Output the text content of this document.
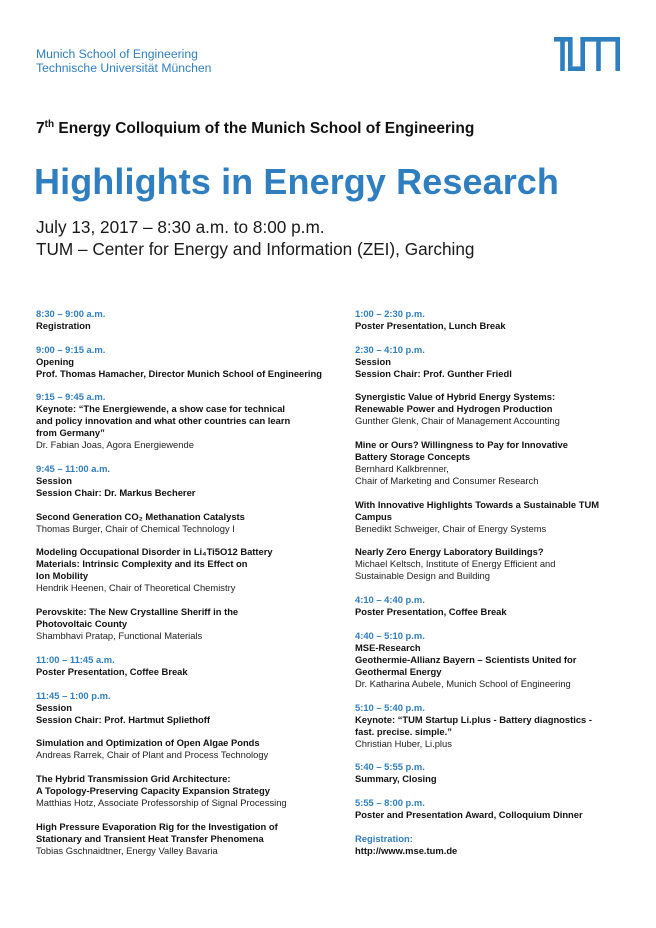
Munich School of Engineering
Technische Universität München
7th Energy Colloquium of the Munich School of Engineering
Highlights in Energy Research
July 13, 2017 – 8:30 a.m. to 8:00 p.m.
TUM – Center for Energy and Information (ZEI), Garching
8:30 – 9:00 a.m.
Registration
9:00 – 9:15 a.m.
Opening
Prof. Thomas Hamacher, Director Munich School of Engineering
9:15 – 9:45 a.m.
Keynote: “The Energiewende, a show case for technical
and policy innovation and what other countries can learn
from Germany”
Dr. Fabian Joas, Agora Energiewende
9:45 – 11:00 a.m.
Session
Session Chair: Dr. Markus Becherer
Second Generation CO₂ Methanation Catalysts
Thomas Burger, Chair of Chemical Technology I
Modeling Occupational Disorder in Li₄Ti5O12 Battery
Materials: Intrinsic Complexity and its Effect on
Ion Mobility
Hendrik Heenen, Chair of Theoretical Chemistry
Perovskite: The New Crystalline Sheriff in the
Photovoltaic County
Shambhavi Pratap, Functional Materials
11:00 – 11:45 a.m.
Poster Presentation, Coffee Break
11:45 – 1:00 p.m.
Session
Session Chair: Prof. Hartmut Spliethoff
Simulation and Optimization of Open Algae Ponds
Andreas Rarrek, Chair of Plant and Process Technology
The Hybrid Transmission Grid Architecture:
A Topology-Preserving Capacity Expansion Strategy
Matthias Hotz, Associate Professorship of Signal Processing
High Pressure Evaporation Rig for the Investigation of
Stationary and Transient Heat Transfer Phenomena
Tobias Gschnaidtner, Energy Valley Bavaria
1:00 – 2:30 p.m.
Poster Presentation, Lunch Break
2:30 – 4:10 p.m.
Session
Session Chair: Prof. Gunther Friedl
Synergistic Value of Hybrid Energy Systems:
Renewable Power and Hydrogen Production
Gunther Glenk, Chair of Management Accounting
Mine or Ours? Willingness to Pay for Innovative
Battery Storage Concepts
Bernhard Kalkbrenner,
Chair of Marketing and Consumer Research
With Innovative Highlights Towards a Sustainable TUM
Campus
Benedikt Schweiger, Chair of Energy Systems
Nearly Zero Energy Laboratory Buildings?
Michael Keltsch, Institute of Energy Efficient and
Sustainable Design and Building
4:10 – 4:40 p.m.
Poster Presentation, Coffee Break
4:40 – 5:10 p.m.
MSE-Research
Geothermie-Allianz Bayern – Scientists United for
Geothermal Energy
Dr. Katharina Aubele, Munich School of Engineering
5:10 – 5:40 p.m.
Keynote: “TUM Startup Li.plus - Battery diagnostics -
fast. precise. simple.”
Christian Huber, Li.plus
5:40 – 5:55 p.m.
Summary, Closing
5:55 – 8:00 p.m.
Poster and Presentation Award, Colloquium Dinner
Registration:
http://www.mse.tum.de
